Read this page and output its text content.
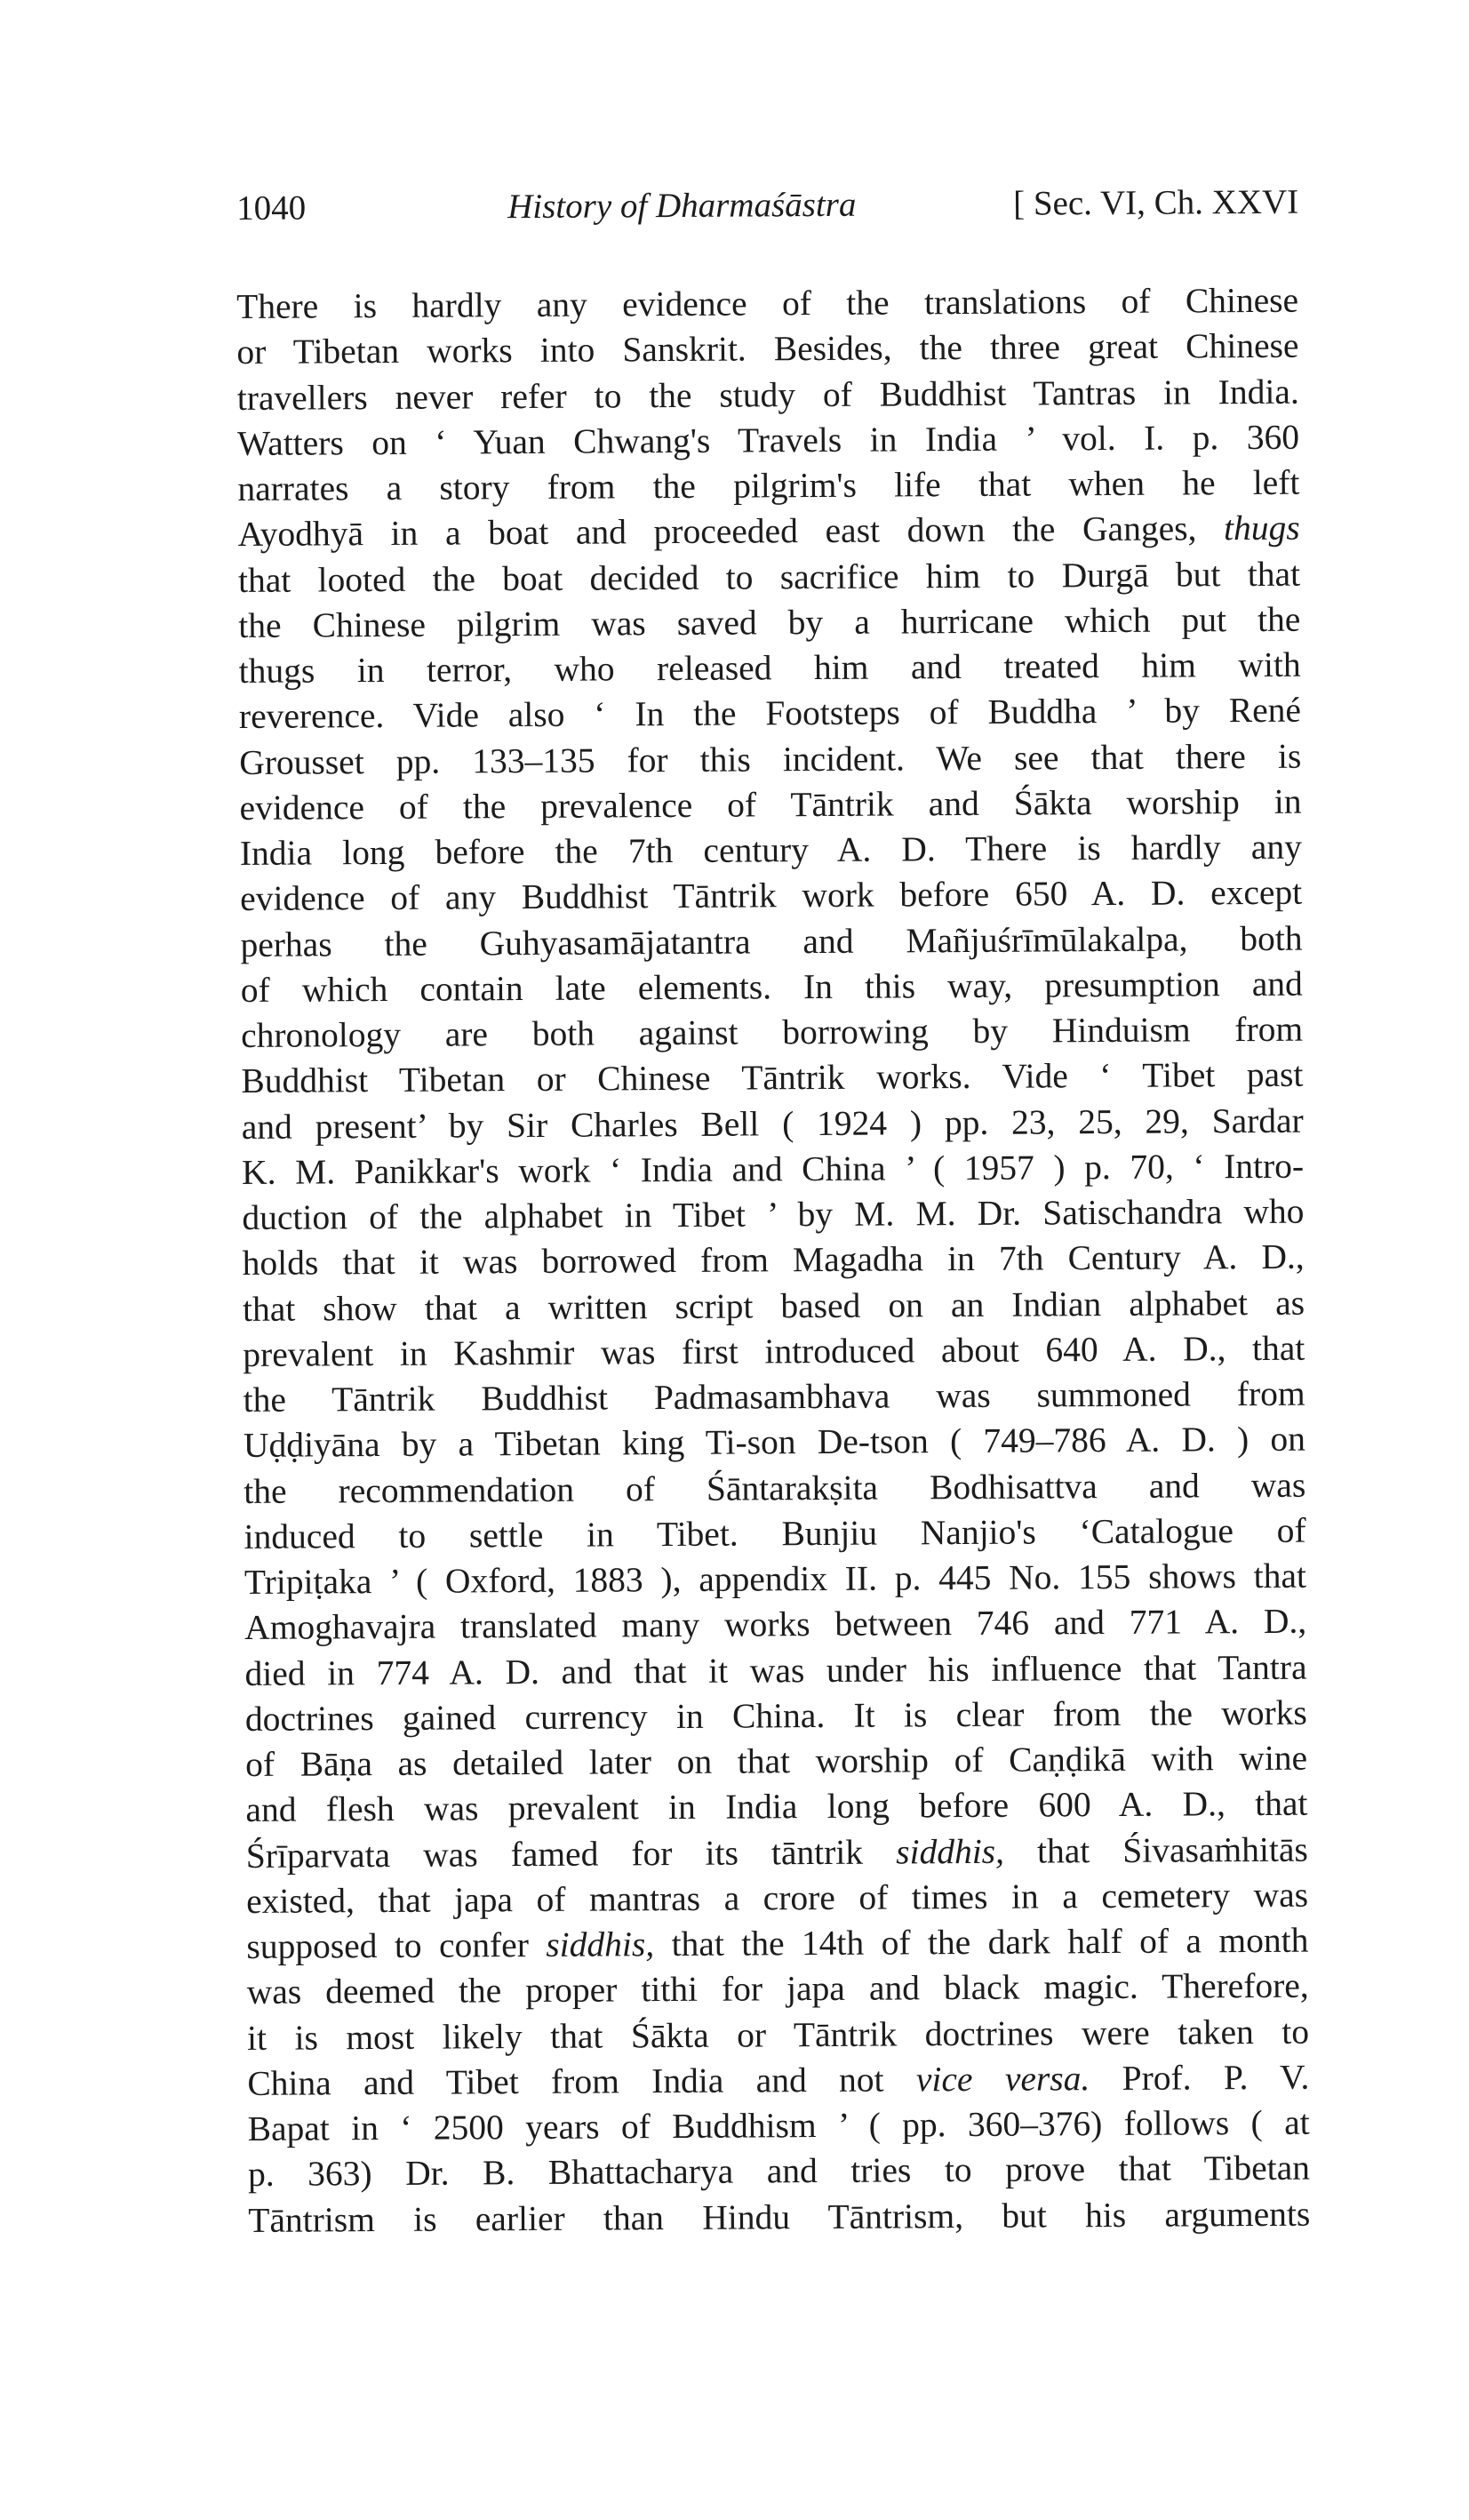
1040	History of Dharmaśāstra	[ Sec. VI, Ch. XXVI
There is hardly any evidence of the translations of Chinese
or Tibetan works into Sanskrit. Besides, the three great Chinese
travellers never refer to the study of Buddhist Tantras in India.
Watters on ‘ Yuan Chwang's Travels in India ’ vol. I. p. 360
narrates a story from the pilgrim's life that when he left
Ayodhyā in a boat and proceeded east down the Ganges, thugs
that looted the boat decided to sacrifice him to Durgā but that
the Chinese pilgrim was saved by a hurricane which put the
thugs in terror, who released him and treated him with
reverence. Vide also ‘ In the Footsteps of Buddha ’ by René
Grousset pp. 133–135 for this incident. We see that there is
evidence of the prevalence of Tāntrik and Śākta worship in
India long before the 7th century A. D. There is hardly any
evidence of any Buddhist Tāntrik work before 650 A. D. except
perhas the Guhyasamājatantra and Mañjuśrīmūlakalpa, both
of which contain late elements. In this way, presumption and
chronology are both against borrowing by Hinduism from
Buddhist Tibetan or Chinese Tāntrik works. Vide ‘ Tibet past
and present’ by Sir Charles Bell ( 1924 ) pp. 23, 25, 29, Sardar
K. M. Panikkar's work ‘ India and China ’ ( 1957 ) p. 70, ‘ Intro-
duction of the alphabet in Tibet ’ by M. M. Dr. Satischandra who
holds that it was borrowed from Magadha in 7th Century A. D.,
that show that a written script based on an Indian alphabet as
prevalent in Kashmir was first introduced about 640 A. D., that
the Tāntrik Buddhist Padmasambhava was summoned from
Uḍḍiyāna by a Tibetan king Ti-son De-tson ( 749–786 A. D. ) on
the recommendation of Śāntarakṣita Bodhisattva and was
induced to settle in Tibet. Bunjiu Nanjio's ‘Catalogue of
Tripiṭaka ’ ( Oxford, 1883 ), appendix II. p. 445 No. 155 shows that
Amoghavajra translated many works between 746 and 771 A. D.,
died in 774 A. D. and that it was under his influence that Tantra
doctrines gained currency in China. It is clear from the works
of Bāṇa as detailed later on that worship of Caṇḍikā with wine
and flesh was prevalent in India long before 600 A. D., that
Śrīparvata was famed for its tāntrik siddhis, that Śivasaṁhitās
existed, that japa of mantras a crore of times in a cemetery was
supposed to confer siddhis, that the 14th of the dark half of a month
was deemed the proper tithi for japa and black magic. Therefore,
it is most likely that Śākta or Tāntrik doctrines were taken to
China and Tibet from India and not vice versa. Prof. P. V.
Bapat in ‘ 2500 years of Buddhism ’ ( pp. 360–376) follows ( at
p. 363) Dr. B. Bhattacharya and tries to prove that Tibetan
Tāntrism is earlier than Hindu Tāntrism, but his arguments
